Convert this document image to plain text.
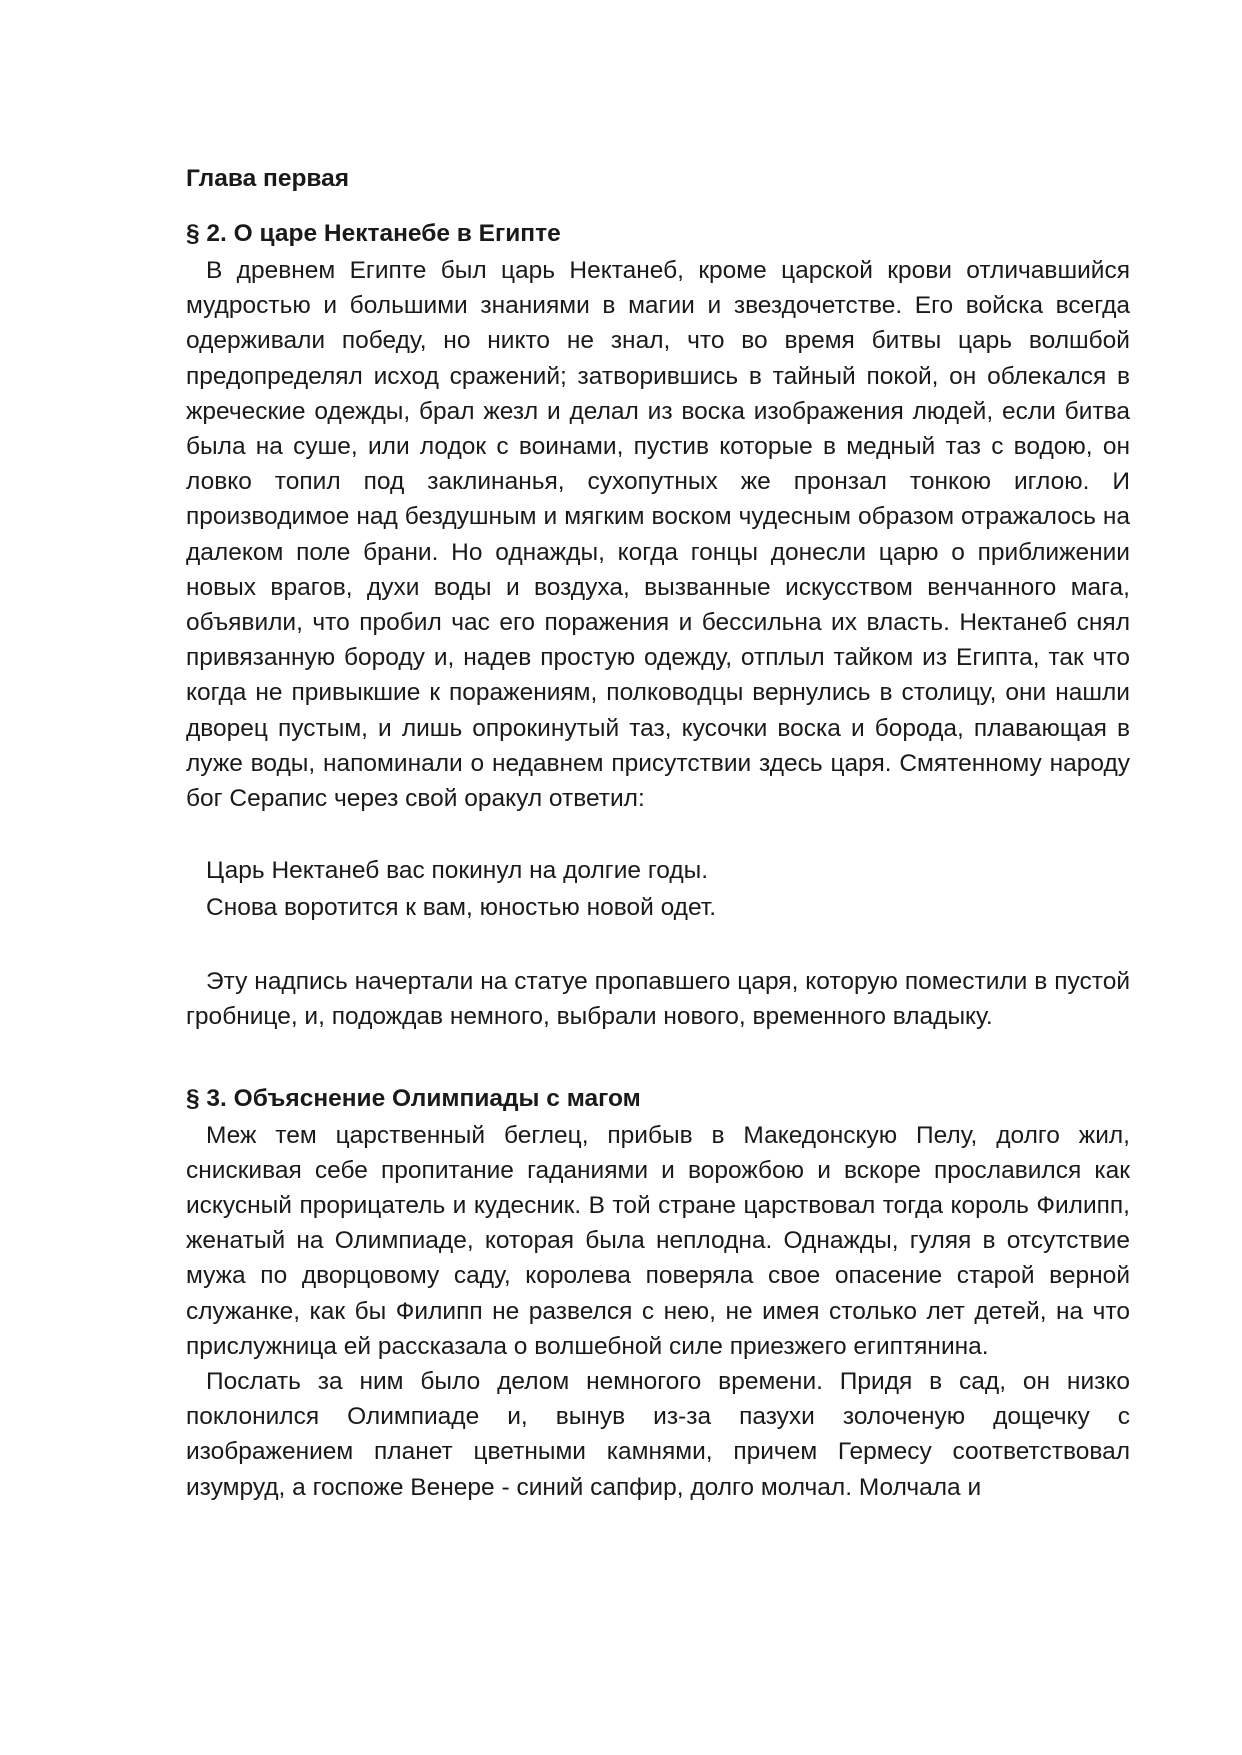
Глава первая
§ 2. О царе Нектанебе в Египте

В древнем Египте был царь Нектанеб, кроме царской крови отличавшийся мудростью и большими знаниями в магии и звездочетстве. Его войска всегда одерживали победу, но никто не знал, что во время битвы царь волшбой предопределял исход сражений; затворившись в тайный покой, он облекался в жреческие одежды, брал жезл и делал из воска изображения людей, если битва была на суше, или лодок с воинами, пустив которые в медный таз с водою, он ловко топил под заклинанья, сухопутных же пронзал тонкою иглою. И производимое над бездушным и мягким воском чудесным образом отражалось на далеком поле брани. Но однажды, когда гонцы донесли царю о приближении новых врагов, духи воды и воздуха, вызванные искусством венчанного мага, объявили, что пробил час его поражения и бессильна их власть. Нектанеб снял привязанную бороду и, надев простую одежду, отплыл тайком из Египта, так что когда не привыкшие к поражениям, полководцы вернулись в столицу, они нашли дворец пустым, и лишь опрокинутый таз, кусочки воска и борода, плавающая в луже воды, напоминали о недавнем присутствии здесь царя. Смятенному народу бог Серапис через свой оракул ответил:

Царь Нектанеб вас покинул на долгие годы.

Снова воротится к вам, юностью новой одет.

Эту надпись начертали на статуе пропавшего царя, которую поместили в пустой гробнице, и, подождав немного, выбрали нового, временного владыку.

§ 3. Объяснение Олимпиады с магом

Меж тем царственный беглец, прибыв в Македонскую Пелу, долго жил, снискивая себе пропитание гаданиями и ворожбою и вскоре прославился как искусный прорицатель и кудесник. В той стране царствовал тогда король Филипп, женатый на Олимпиаде, которая была неплодна. Однажды, гуляя в отсутствие мужа по дворцовому саду, королева поверяла свое опасение старой верной служанке, как бы Филипп не развелся с нею, не имея столько лет детей, на что прислужница ей рассказала о волшебной силе приезжего египтянина.

Послать за ним было делом немногого времени. Придя в сад, он низко поклонился Олимпиаде и, вынув из-за пазухи золоченую дощечку с изображением планет цветными камнями, причем Гермесу соответствовал изумруд, а госпоже Венере - синий сапфир, долго молчал. Молчала и
